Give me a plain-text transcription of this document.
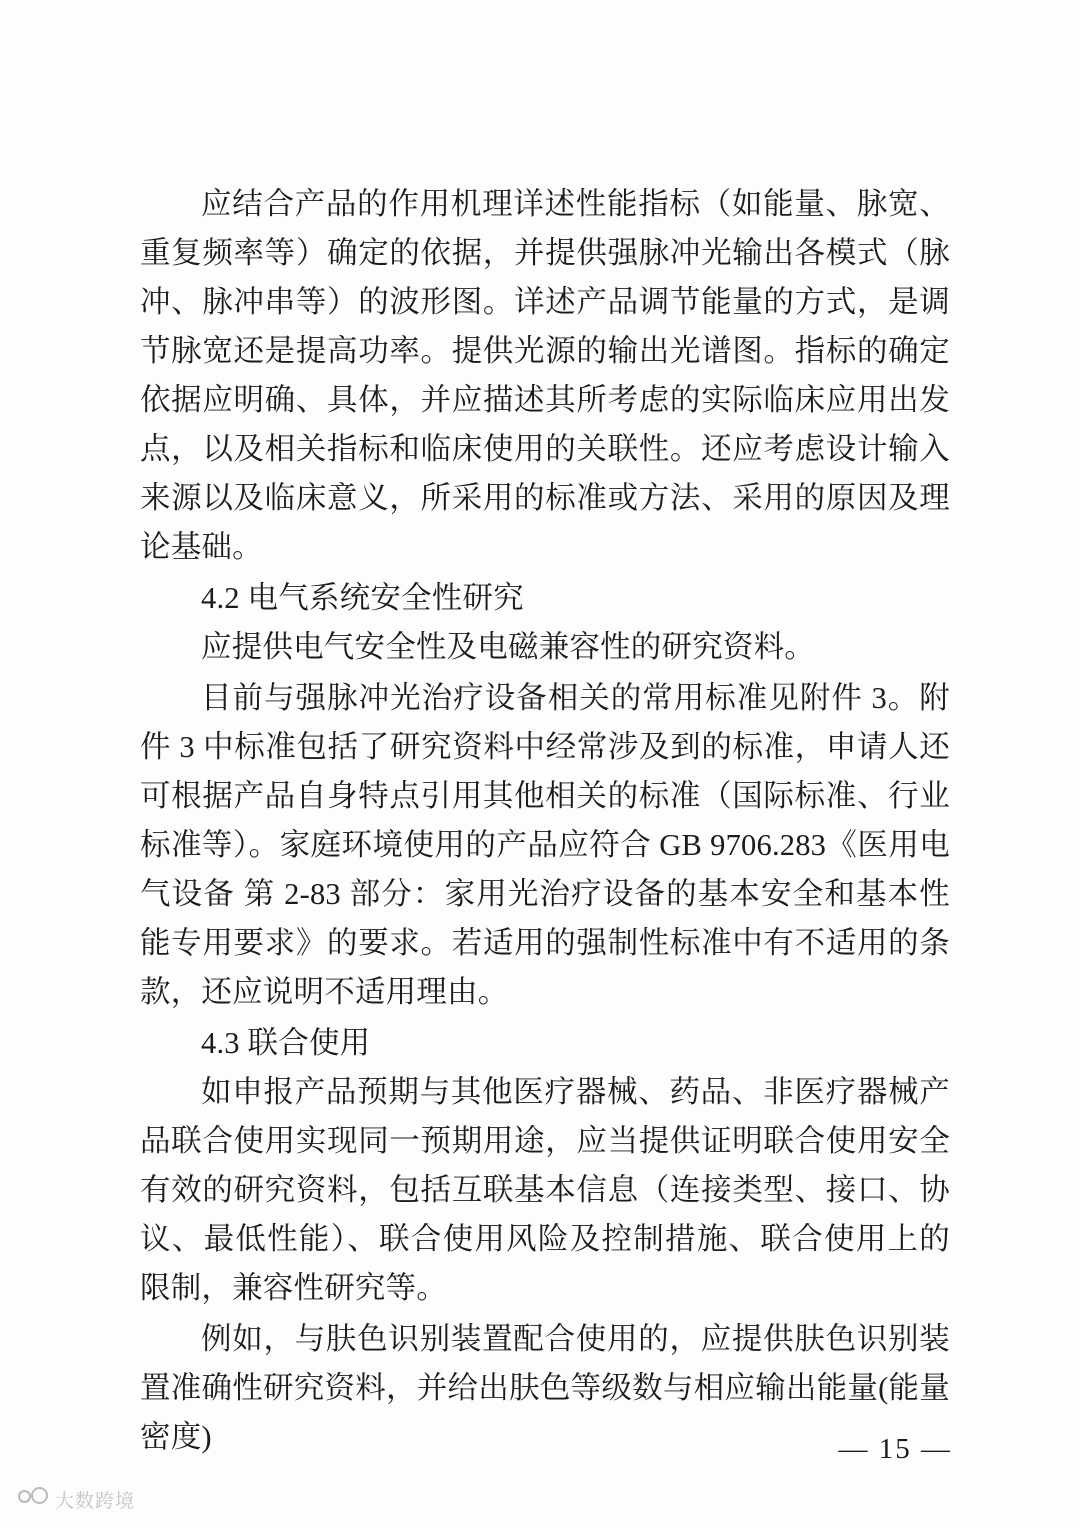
应结合产品的作用机理详述性能指标（如能量、脉宽、重复频率等）确定的依据，并提供强脉冲光输出各模式（脉冲、脉冲串等）的波形图。详述产品调节能量的方式，是调节脉宽还是提高功率。提供光源的输出光谱图。指标的确定依据应明确、具体，并应描述其所考虑的实际临床应用出发点，以及相关指标和临床使用的关联性。还应考虑设计输入来源以及临床意义，所采用的标准或方法、采用的原因及理论基础。

4.2 电气系统安全性研究

应提供电气安全性及电磁兼容性的研究资料。

目前与强脉冲光治疗设备相关的常用标准见附件 3。附件 3 中标准包括了研究资料中经常涉及到的标准，申请人还可根据产品自身特点引用其他相关的标准（国际标准、行业标准等）。家庭环境使用的产品应符合 GB 9706.283《医用电气设备 第 2-83 部分：家用光治疗设备的基本安全和基本性能专用要求》的要求。若适用的强制性标准中有不适用的条款，还应说明不适用理由。

4.3 联合使用

如申报产品预期与其他医疗器械、药品、非医疗器械产品联合使用实现同一预期用途，应当提供证明联合使用安全有效的研究资料，包括互联基本信息（连接类型、接口、协议、最低性能）、联合使用风险及控制措施、联合使用上的限制，兼容性研究等。

例如，与肤色识别装置配合使用的，应提供肤色识别装置准确性研究资料，并给出肤色等级数与相应输出能量(能量密度)	— 15 —
大数跨境
